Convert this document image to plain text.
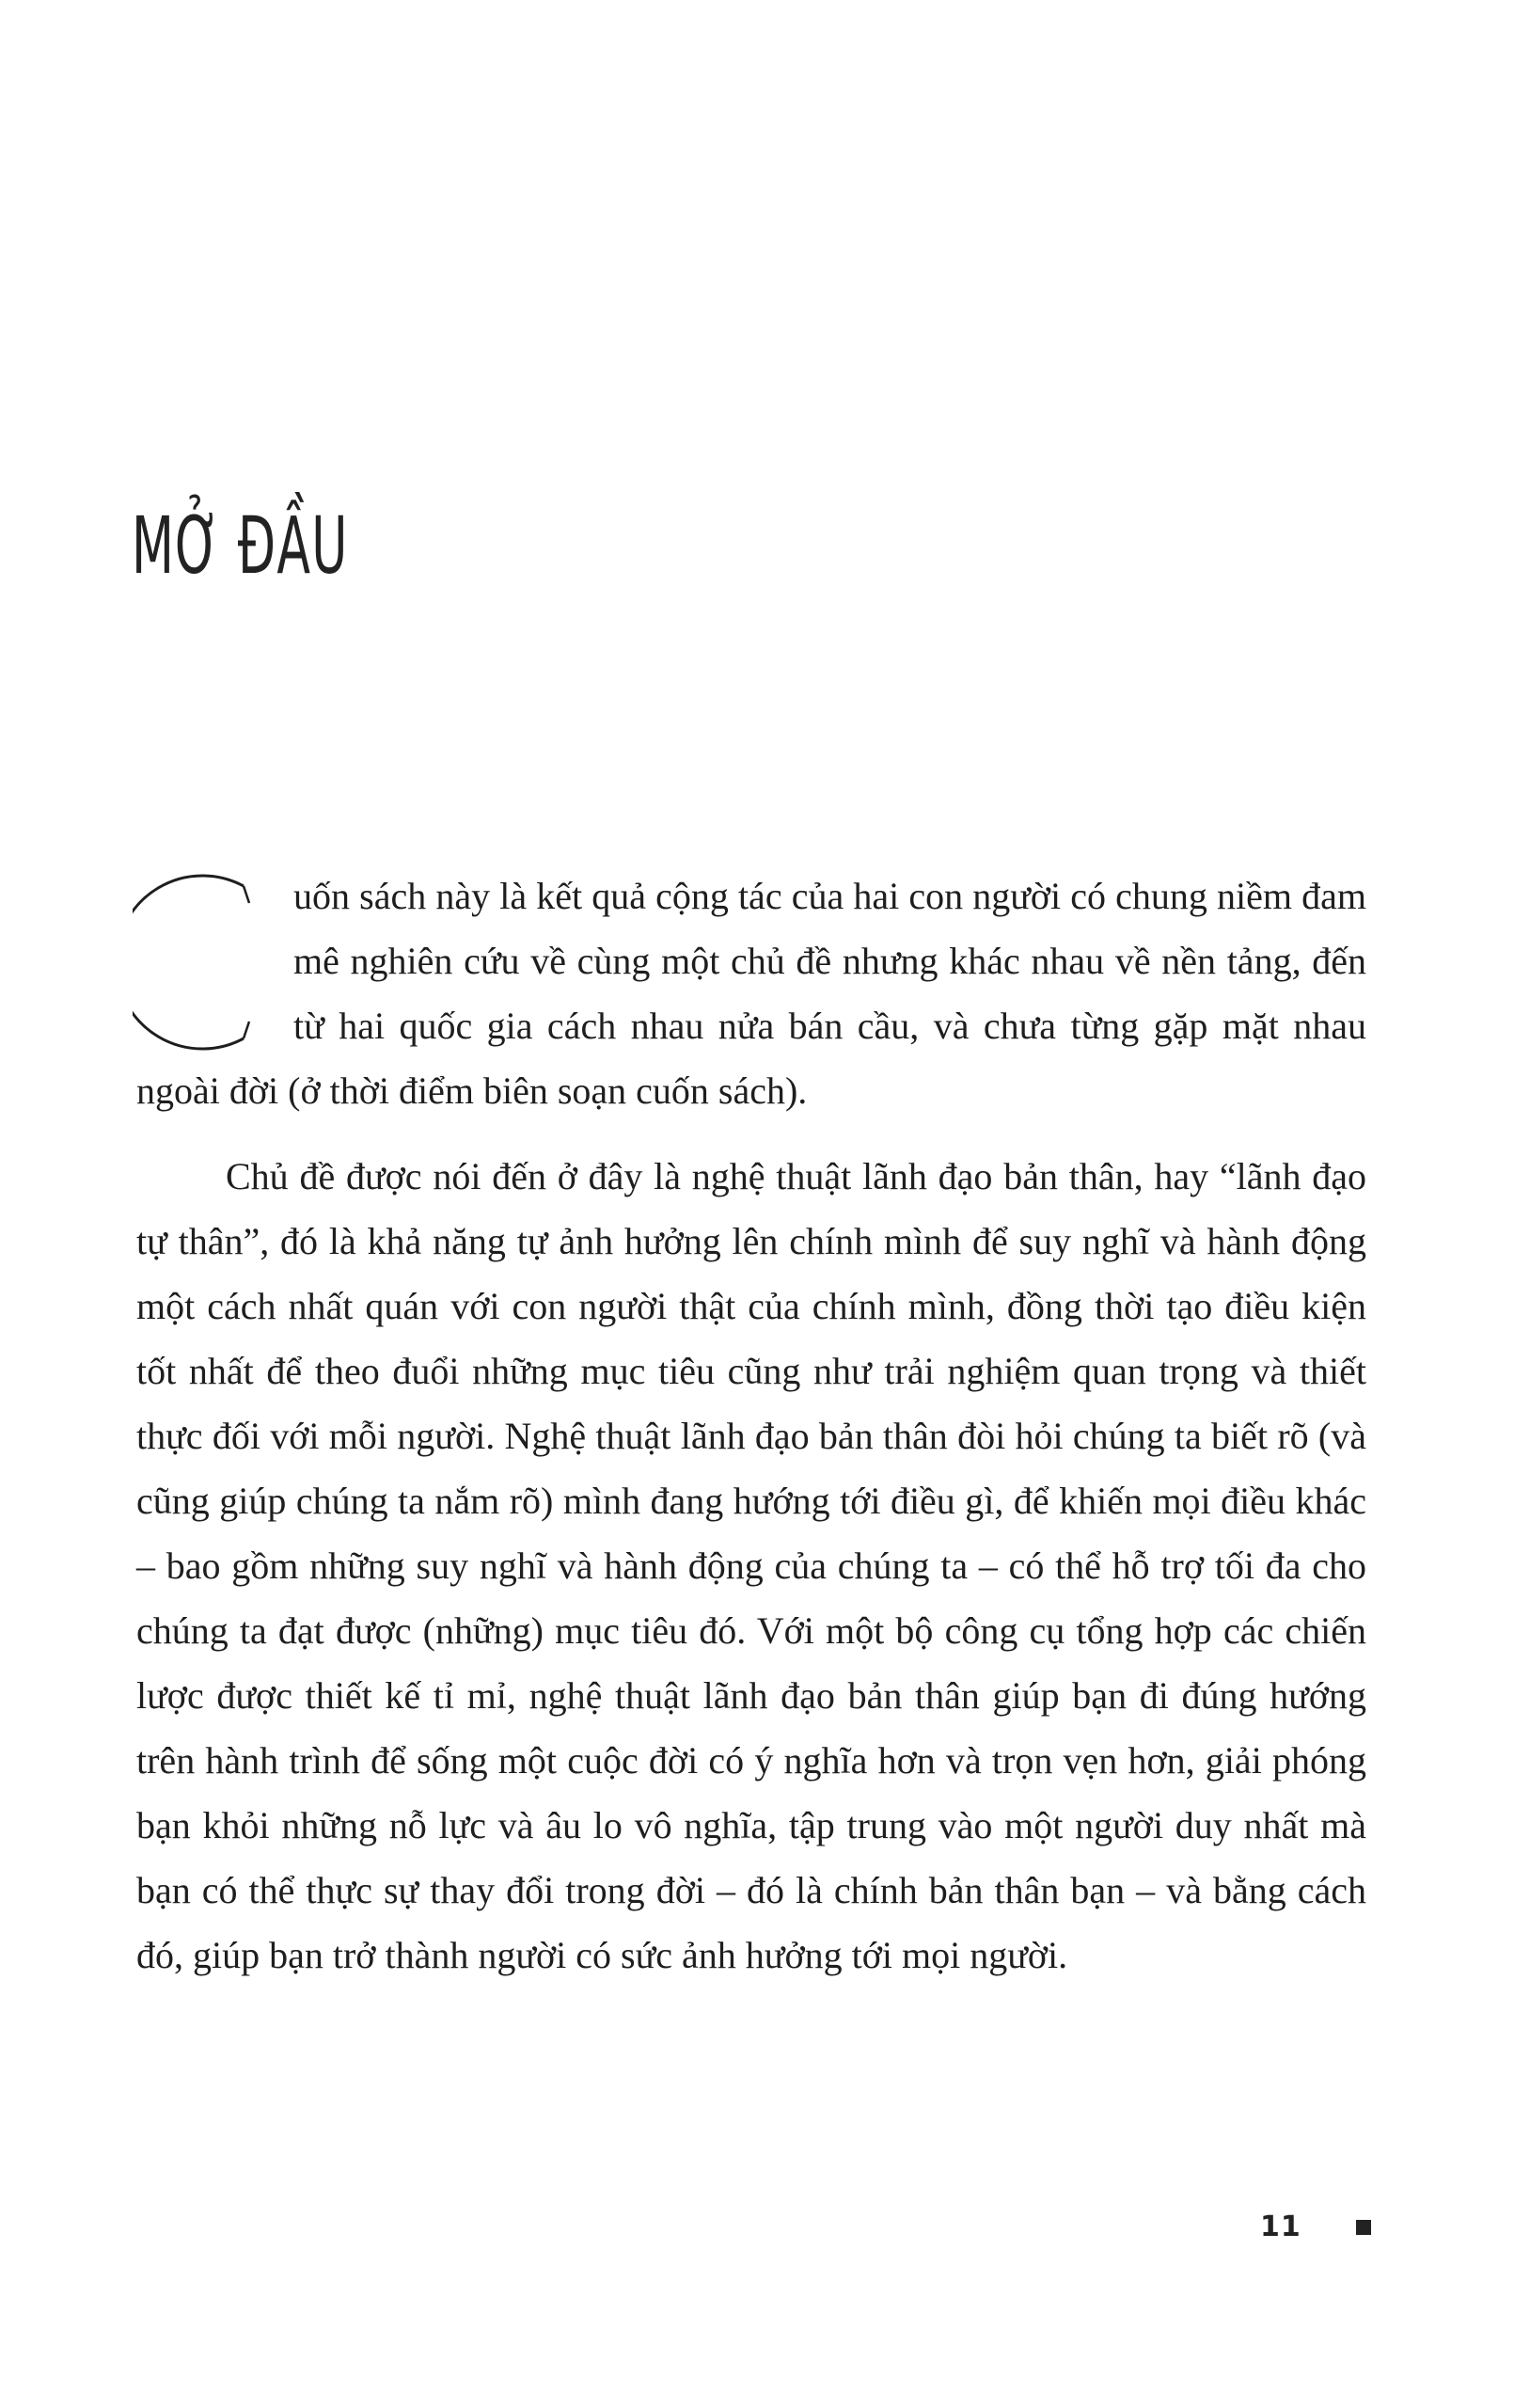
MỞ ĐẦU

uốn sách này là kết quả cộng tác của hai con người có chung niềm đam mê nghiên cứu về cùng một chủ đề nhưng khác nhau về nền tảng, đến từ hai quốc gia cách nhau nửa bán cầu, và chưa từng gặp mặt nhau ngoài đời (ở thời điểm biên soạn cuốn sách).

Chủ đề được nói đến ở đây là nghệ thuật lãnh đạo bản thân, hay “lãnh đạo tự thân”, đó là khả năng tự ảnh hưởng lên chính mình để suy nghĩ và hành động một cách nhất quán với con người thật của chính mình, đồng thời tạo điều kiện tốt nhất để theo đuổi những mục tiêu cũng như trải nghiệm quan trọng và thiết thực đối với mỗi người. Nghệ thuật lãnh đạo bản thân đòi hỏi chúng ta biết rõ (và cũng giúp chúng ta nắm rõ) mình đang hướng tới điều gì, để khiến mọi điều khác – bao gồm những suy nghĩ và hành động của chúng ta – có thể hỗ trợ tối đa cho chúng ta đạt được (những) mục tiêu đó. Với một bộ công cụ tổng hợp các chiến lược được thiết kế tỉ mỉ, nghệ thuật lãnh đạo bản thân giúp bạn đi đúng hướng trên hành trình để sống một cuộc đời có ý nghĩa hơn và trọn vẹn hơn, giải phóng bạn khỏi những nỗ lực và âu lo vô nghĩa, tập trung vào một người duy nhất mà bạn có thể thực sự thay đổi trong đời – đó là chính bản thân bạn – và bằng cách đó, giúp bạn trở thành người có sức ảnh hưởng tới mọi người.

11
